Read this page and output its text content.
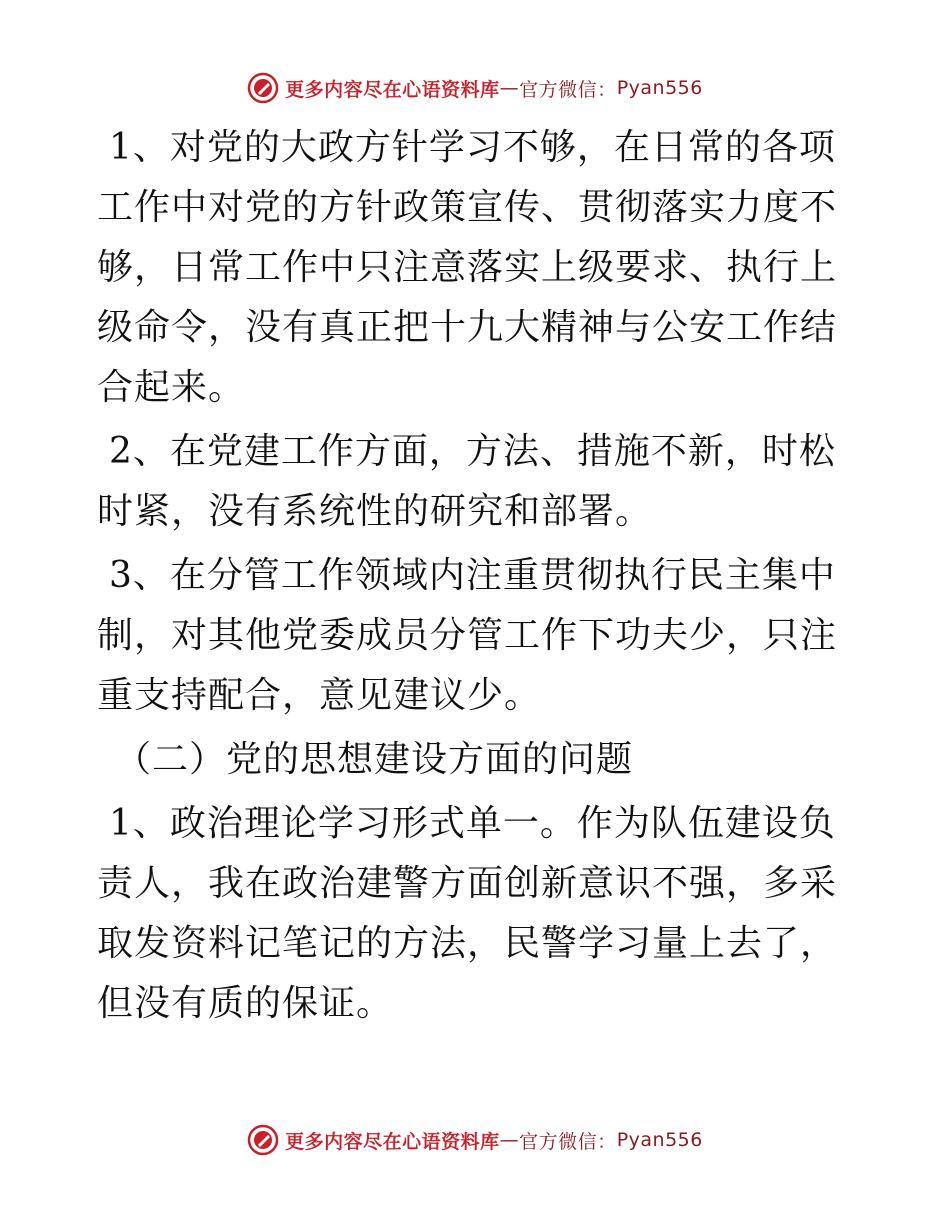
更多内容尽在心语资料库 — 官方微信： Pyan556

1、对党的大政方针学习不够，在日常的各项工作中对党的方针政策宣传、贯彻落实力度不够，日常工作中只注意落实上级要求、执行上级命令，没有真正把十九大精神与公安工作结合起来。

2、在党建工作方面，方法、措施不新，时松时紧，没有系统性的研究和部署。

3、在分管工作领域内注重贯彻执行民主集中制，对其他党委成员分管工作下功夫少，只注重支持配合，意见建议少。

（二）党的思想建设方面的问题

1、政治理论学习形式单一。作为队伍建设负责人，我在政治建警方面创新意识不强，多采取发资料记笔记的方法，民警学习量上去了，但没有质的保证。

更多内容尽在心语资料库 — 官方微信： Pyan556
